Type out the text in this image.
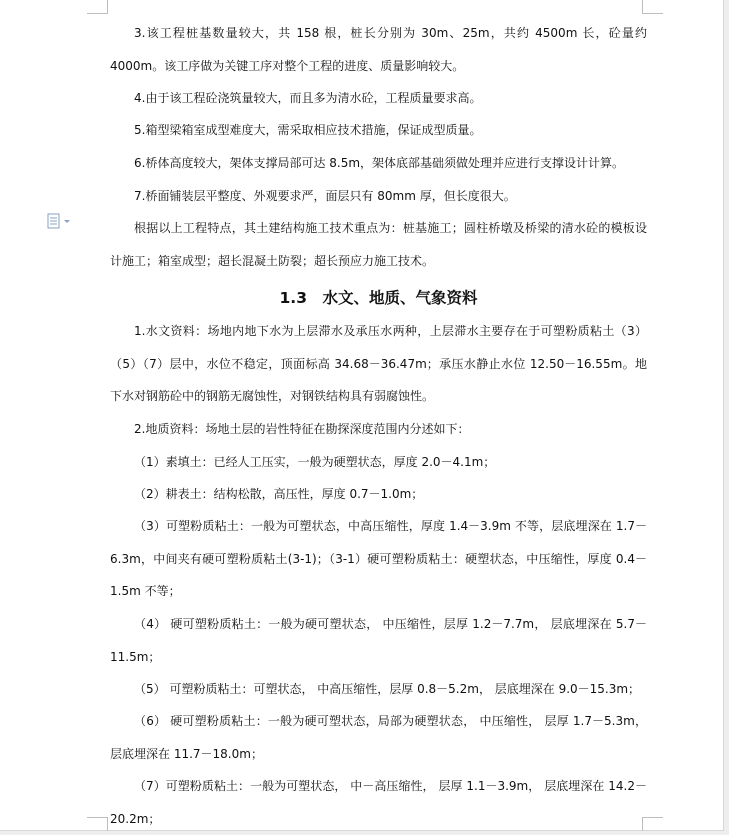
3.该工程桩基数量较大，共 158 根，桩长分别为 30m、25m，共约 4500m 长，砼量约 4000m。该工序做为关键工序对整个工程的进度、质量影响较大。
4.由于该工程砼浇筑量较大，而且多为清水砼，工程质量要求高。
5.箱型梁箱室成型难度大，需采取相应技术措施，保证成型质量。
6.桥体高度较大，架体支撑局部可达 8.5m，架体底部基础须做处理并应进行支撑设计计算。
7.桥面铺装层平整度、外观要求严，面层只有 80mm 厚，但长度很大。
根据以上工程特点，其土建结构施工技术重点为：桩基施工；圆柱桥墩及桥梁的清水砼的模板设计施工；箱室成型；超长混凝土防裂；超长预应力施工技术。
1.3　水文、地质、气象资料
1.水文资料：场地内地下水为上层滞水及承压水两种，上层滞水主要存在于可塑粉质粘土（3）（5）（7）层中，水位不稳定，顶面标高 34.68－36.47m；承压水静止水位 12.50－16.55m。地下水对钢筋砼中的钢筋无腐蚀性，对钢铁结构具有弱腐蚀性。
2.地质资料：场地土层的岩性特征在勘探深度范围内分述如下：
（1）素填土：已经人工压实，一般为硬塑状态，厚度 2.0－4.1m；
（2）耕表土：结构松散，高压性，厚度 0.7－1.0m；
（3）可塑粉质粘土：一般为可塑状态，中高压缩性，厚度 1.4－3.9m 不等，层底埋深在 1.7－6.3m，中间夹有硬可塑粉质粘土(3-1)；（3-1）硬可塑粉质粘土：硬塑状态，中压缩性，厚度 0.4－1.5m 不等；
（4） 硬可塑粉质粘土：一般为硬可塑状态， 中压缩性，层厚 1.2－7.7m， 层底埋深在 5.7－11.5m；
（5） 可塑粉质粘土：可塑状态， 中高压缩性，层厚 0.8－5.2m， 层底埋深在 9.0－15.3m；
（6） 硬可塑粉质粘土：一般为硬可塑状态，局部为硬塑状态， 中压缩性， 层厚 1.7－5.3m，层底埋深在 11.7－18.0m；
（7）可塑粉质粘土：一般为可塑状态， 中－高压缩性， 层厚 1.1－3.9m， 层底埋深在 14.2－20.2m；
